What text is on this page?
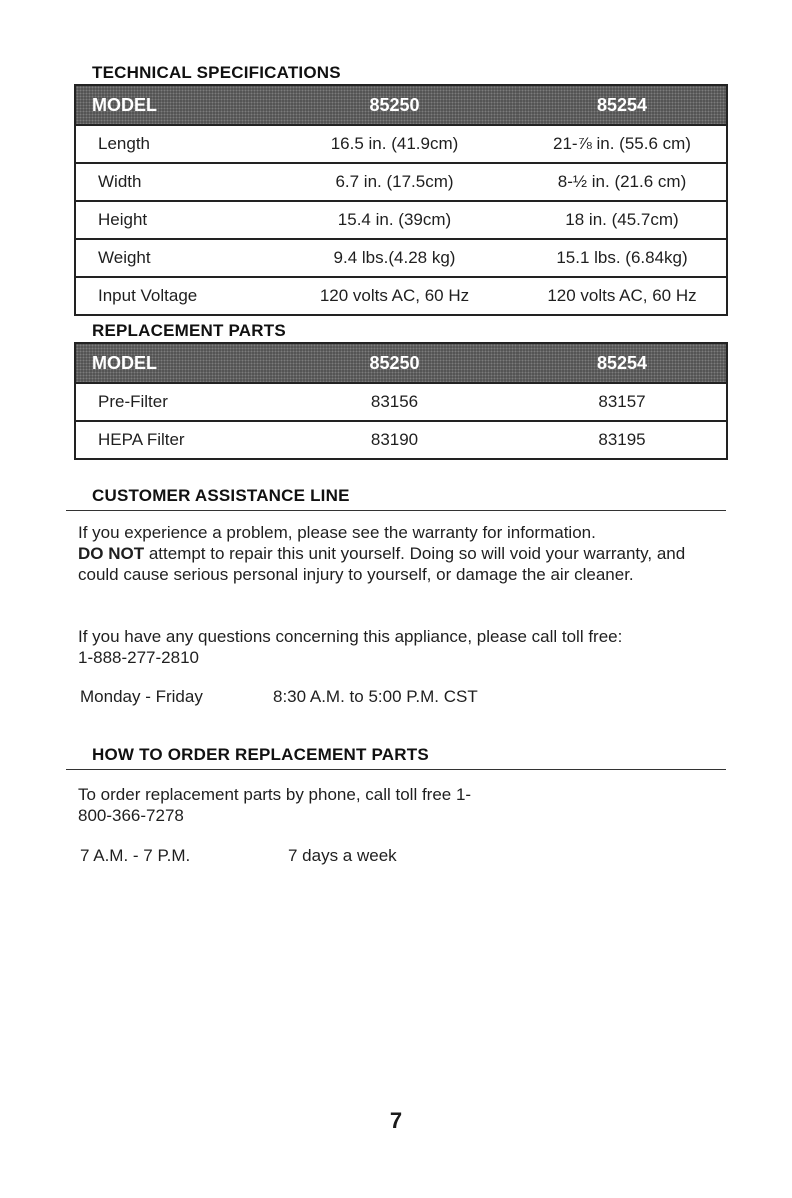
TECHNICAL SPECIFICATIONS
MODEL	85250	85254
Length	16.5 in. (41.9cm)	21-⅞ in. (55.6 cm)
Width	6.7 in. (17.5cm)	8-½ in. (21.6 cm)
Height	15.4 in. (39cm)	18 in. (45.7cm)
Weight	9.4 lbs.(4.28 kg)	15.1 lbs. (6.84kg)
Input Voltage	120 volts AC, 60 Hz	120 volts AC, 60 Hz
REPLACEMENT PARTS
MODEL	85250	85254
Pre-Filter	83156	83157
HEPA Filter	83190	83195
CUSTOMER ASSISTANCE LINE

If you experience a problem, please see the warranty for information.
DO NOT attempt to repair this unit yourself. Doing so will void your warranty, and could cause serious personal injury to yourself, or damage the air cleaner.

If you have any questions concerning this appliance, please call toll free: 1-888-277-2810

Monday - Friday	8:30 A.M. to 5:00 P.M. CST

HOW TO ORDER REPLACEMENT PARTS

To order replacement parts by phone, call toll free 1-800-366-7278

7 A.M. - 7 P.M.	7 days a week

7
